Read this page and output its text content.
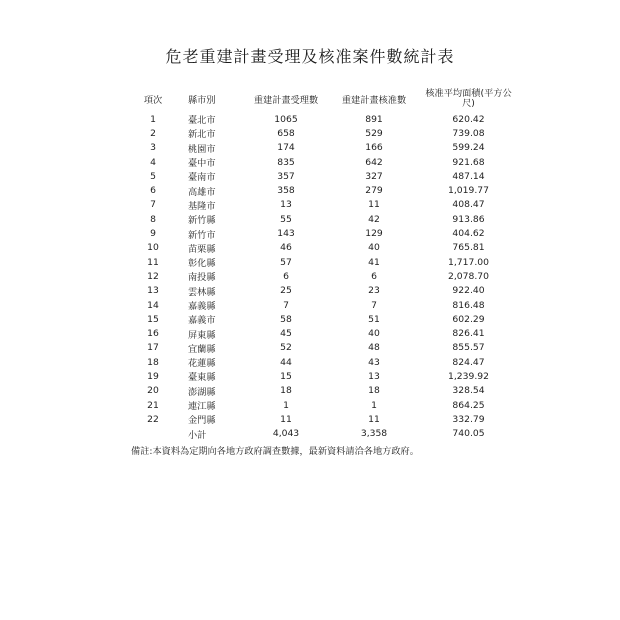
危老重建計畫受理及核准案件數統計表
項次	縣市別	重建計畫受理數	重建計畫核准數	核准平均面積(平方公尺)
1	臺北市	1065	891	620.42
2	新北市	658	529	739.08
3	桃園市	174	166	599.24
4	臺中市	835	642	921.68
5	臺南市	357	327	487.14
6	高雄市	358	279	1,019.77
7	基隆市	13	11	408.47
8	新竹縣	55	42	913.86
9	新竹市	143	129	404.62
10	苗栗縣	46	40	765.81
11	彰化縣	57	41	1,717.00
12	南投縣	6	6	2,078.70
13	雲林縣	25	23	922.40
14	嘉義縣	7	7	816.48
15	嘉義市	58	51	602.29
16	屏東縣	45	40	826.41
17	宜蘭縣	52	48	855.57
18	花蓮縣	44	43	824.47
19	臺東縣	15	13	1,239.92
20	澎湖縣	18	18	328.54
21	連江縣	1	1	864.25
22	金門縣	11	11	332.79
	小計	4,043	3,358	740.05
備註:本資料為定期向各地方政府調查數據，最新資料請洽各地方政府。
